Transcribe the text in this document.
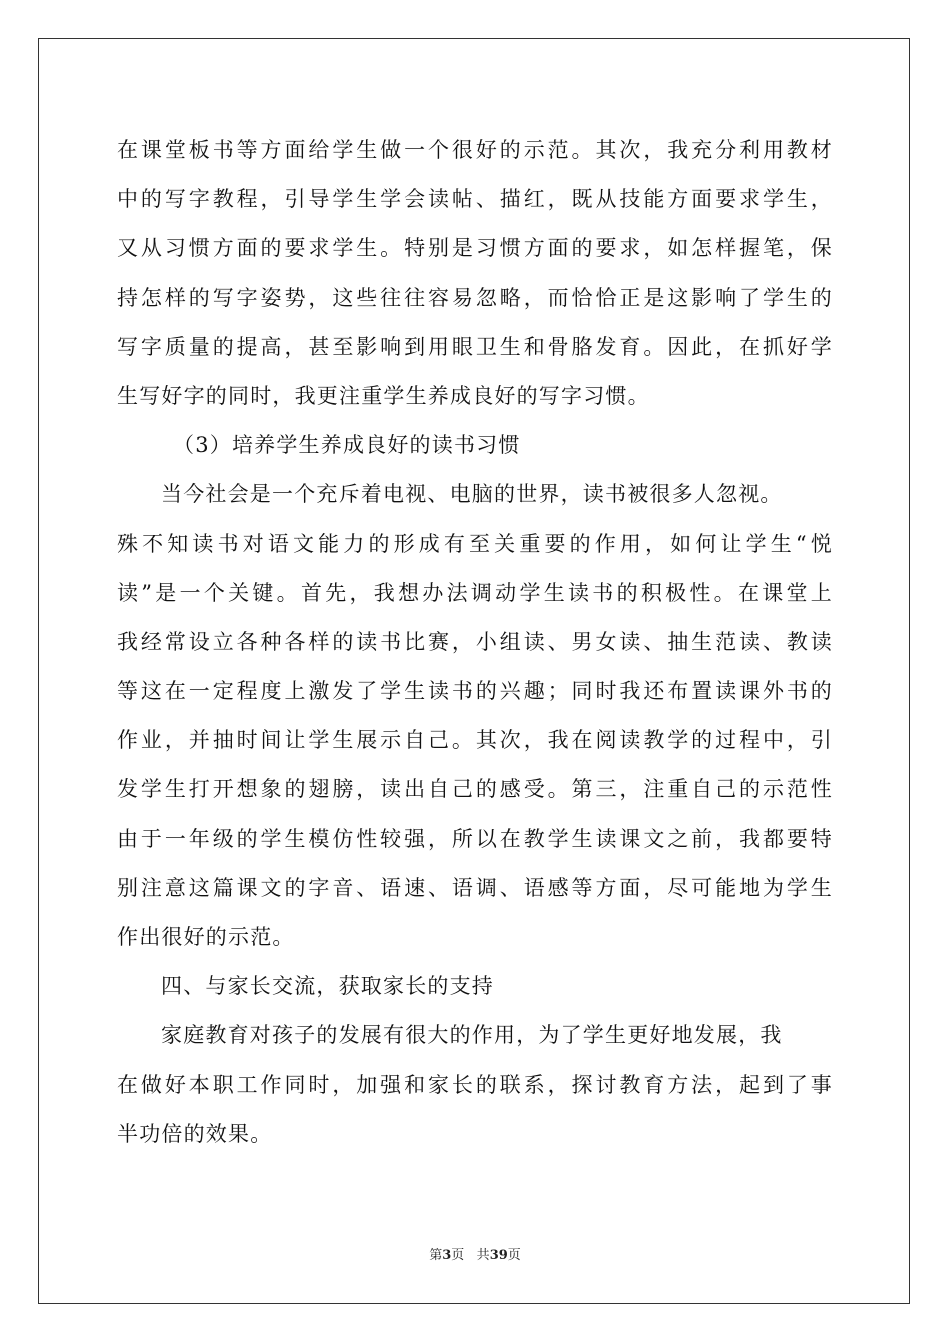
在课堂板书等方面给学生做一个很好的示范。其次，我充分利用教材
中的写字教程，引导学生学会读帖、描红，既从技能方面要求学生，
又从习惯方面的要求学生。特别是习惯方面的要求，如怎样握笔，保
持怎样的写字姿势，这些往往容易忽略，而恰恰正是这影响了学生的
写字质量的提高，甚至影响到用眼卫生和骨胳发育。因此，在抓好学
生写好字的同时，我更注重学生养成良好的写字习惯。
（3）培养学生养成良好的读书习惯
当今社会是一个充斥着电视、电脑的世界，读书被很多人忽视。
殊不知读书对语文能力的形成有至关重要的作用，如何让学生“悦
读”是一个关键。首先，我想办法调动学生读书的积极性。在课堂上
我经常设立各种各样的读书比赛，小组读、男女读、抽生范读、教读
等这在一定程度上激发了学生读书的兴趣；同时我还布置读课外书的
作业，并抽时间让学生展示自己。其次，我在阅读教学的过程中，引
发学生打开想象的翅膀，读出自己的感受。第三，注重自己的示范性
由于一年级的学生模仿性较强，所以在教学生读课文之前，我都要特
别注意这篇课文的字音、语速、语调、语感等方面，尽可能地为学生
作出很好的示范。
四、与家长交流，获取家长的支持
家庭教育对孩子的发展有很大的作用，为了学生更好地发展，我
在做好本职工作同时，加强和家长的联系，探讨教育方法，起到了事
半功倍的效果。
第3页 共39页
